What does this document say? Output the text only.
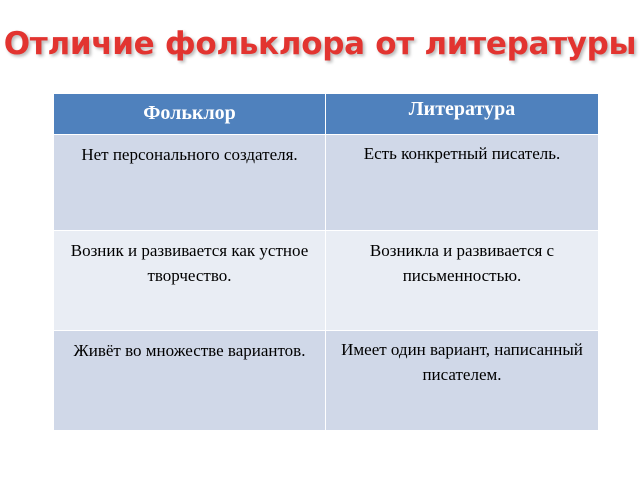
Отличие фольклора от литературы
Фольклор	Литература

Нет персонального создателя.	Есть конкретный писатель.
Возник и развивается как устное творчество.	Возникла и развивается с письменностью.
Живёт во множестве вариантов.	Имеет один вариант, написанный писателем.
